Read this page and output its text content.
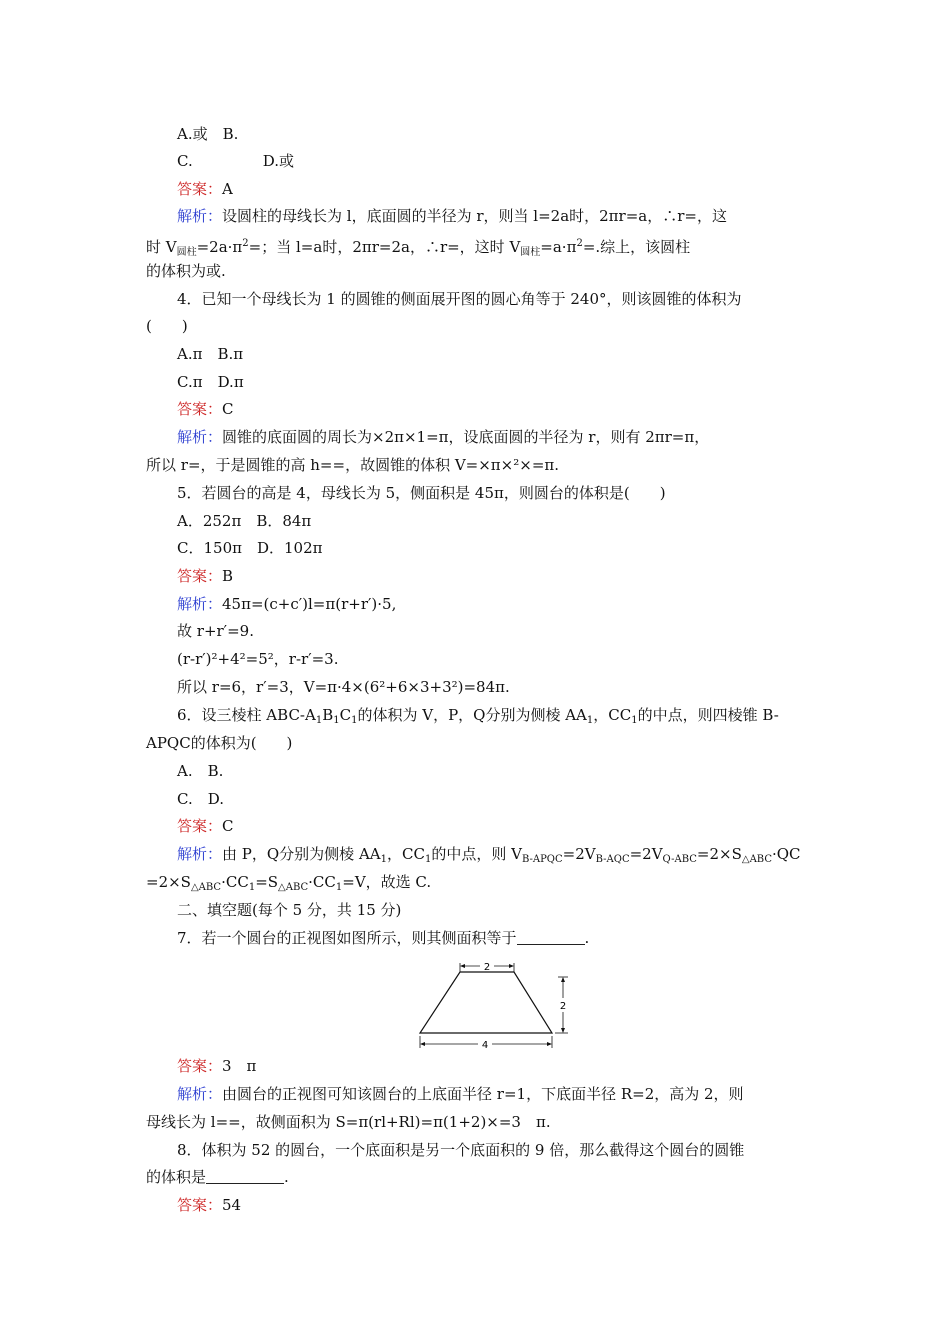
A.或　B.
C.	D.或
答案：A
解析：设圆柱的母线长为 l，底面圆的半径为 r，则当 l=2a时，2πr=a，∴r=，这
时 $V_{圆柱}=2a\cdot\pi^2=$；当 l=a时，2πr=2a，∴r=，这时 $V_{圆柱}=a\cdot\pi^2=$.综上，该圆柱
的体积为或.
4．已知一个母线长为 1 的圆锥的侧面展开图的圆心角等于 240°，则该圆锥的体积为
(　　)
A.π　B.π
C.π　D.π
答案：C
解析：圆锥的底面圆的周长为×2π×1=π，设底面圆的半径为 r，则有 2πr=π，
所以 r=，于是圆锥的高 h==，故圆锥的体积 V=×π×²×=π.
5．若圆台的高是 4，母线长为 5，侧面积是 45π，则圆台的体积是(　　)
A．252π　B．84π
C．150π　D．102π
答案：B
解析：45π=(c+c′)l=π(r+r′)·5,
故 r+r′=9.
(r-r′)²+4²=5²，r-r′=3.
所以 r=6，r′=3，V=π·4×(6²+6×3+3²)=84π.
6．设三棱柱 ABC-$A_1B_1C_1$的体积为 V，P，Q分别为侧棱 $AA_1$，$CC_1$的中点，则四棱锥 B-
APQC的体积为(　　)
A.　B.
C.　D.
答案：C
解析：由 P，Q分别为侧棱 $AA_1$，$CC_1$的中点，则 $V_{B-APQC}=2V_{B-AQC}=2V_{Q-ABC}=2\times S_{\triangle ABC}\cdot QC$
$=2\times S_{\triangle ABC}\cdot CC_1=S_{\triangle ABC}\cdot CC_1=V$，故选 C.
二、填空题(每个 5 分，共 15 分)
7．若一个圆台的正视图如图所示，则其侧面积等于	.
2
2
4
答案：3　π
解析：由圆台的正视图可知该圆台的上底面半径 r=1，下底面半径 R=2，高为 2，则
母线长为 l==，故侧面积为 S=π(rl+Rl)=π(1+2)×=3　π.
8．体积为 52 的圆台，一个底面积是另一个底面积的 9 倍，那么截得这个圆台的圆锥
的体积是	.
答案：54
